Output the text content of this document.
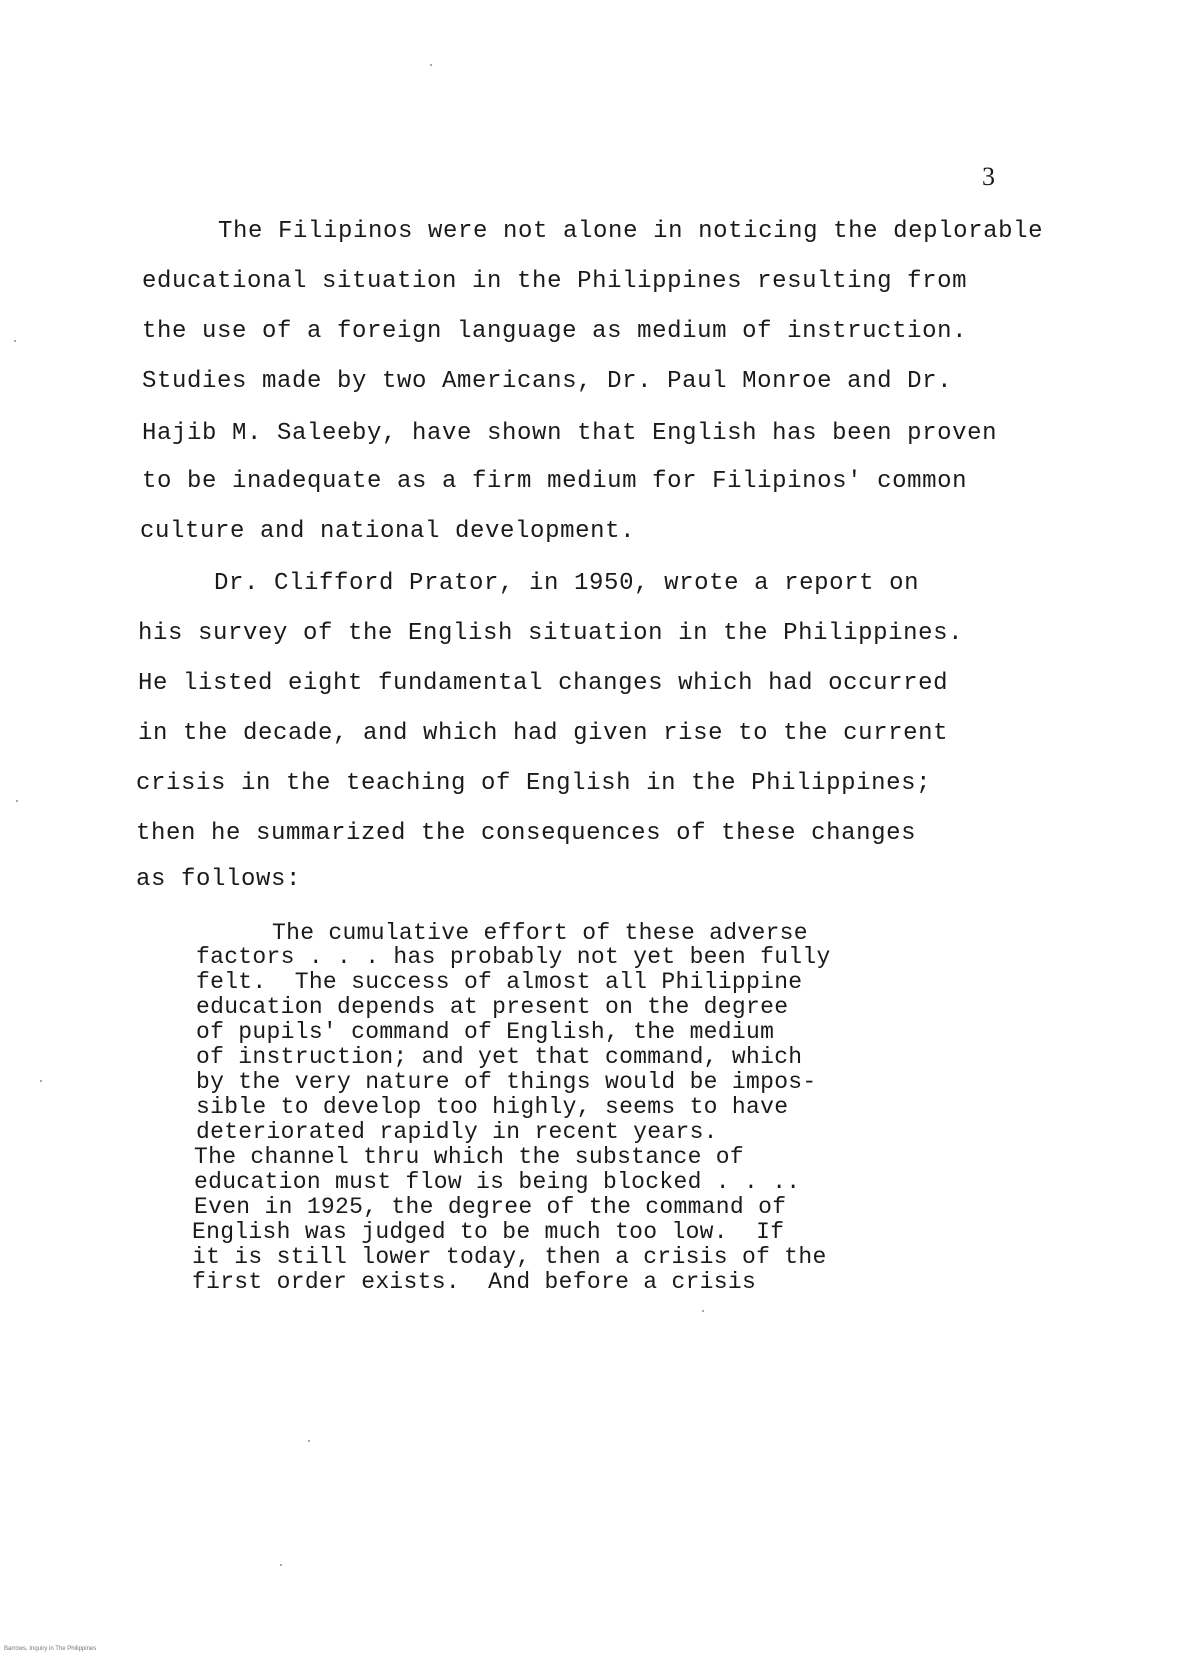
3
The Filipinos were not alone in noticing the deplorable
educational situation in the Philippines resulting from
the use of a foreign language as medium of instruction.
Studies made by two Americans, Dr. Paul Monroe and Dr.
Hajib M. Saleeby, have shown that English has been proven
to be inadequate as a firm medium for Filipinos' common
culture and national development.
Dr. Clifford Prator, in 1950, wrote a report on
his survey of the English situation in the Philippines.
He listed eight fundamental changes which had occurred
in the decade, and which had given rise to the current
crisis in the teaching of English in the Philippines;
then he summarized the consequences of these changes
as follows:
The cumulative effort of these adverse
factors . . . has probably not yet been fully
felt.  The success of almost all Philippine
education depends at present on the degree
of pupils' command of English, the medium
of instruction; and yet that command, which
by the very nature of things would be impos-
sible to develop too highly, seems to have
deteriorated rapidly in recent years.
The channel thru which the substance of
education must flow is being blocked . . ..
Even in 1925, the degree of the command of
English was judged to be much too low.  If
it is still lower today, then a crisis of the
first order exists.  And before a crisis
Barrows, Inquiry in The Philippines
